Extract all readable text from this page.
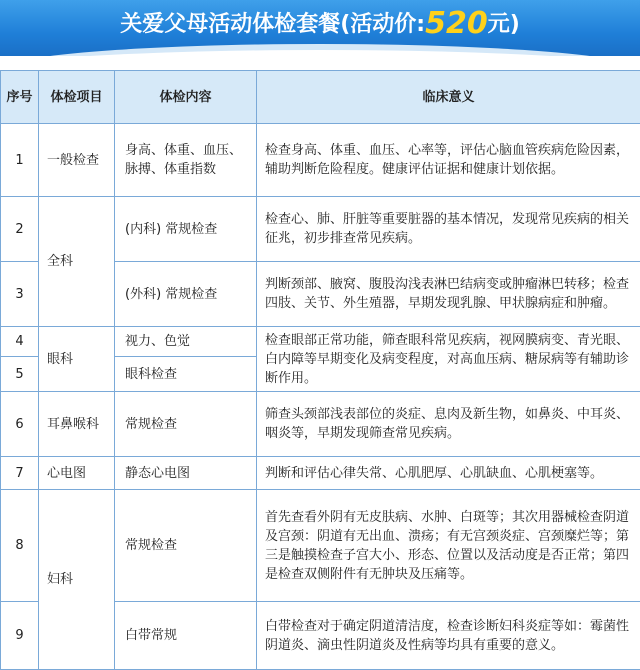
关爱父母活动体检套餐(活动价:520元)
序号	体检项目	体检内容	临床意义
1	一般检查	身高、体重、血压、脉搏、体重指数	检查身高、体重、血压、心率等，评估心脑血管疾病危险因素，辅助判断危险程度。健康评估证据和健康计划依据。
2	全科	(内科) 常规检查	检查心、肺、肝脏等重要脏器的基本情况，发现常见疾病的相关征兆，初步排查常见疾病。
3		(外科) 常规检查	判断颈部、腋窝、腹股沟浅表淋巴结病变或肿瘤淋巴转移；检查四肢、关节、外生殖器，早期发现乳腺、甲状腺病症和肿瘤。
4	眼科	视力、色觉	检查眼部正常功能，筛查眼科常见疾病，视网膜病变、青光眼、白内障等早期变化及病变程度，对高血压病、糖尿病等有辅助诊断作用。
5		眼科检查	
6	耳鼻喉科	常规检查	筛查头颈部浅表部位的炎症、息肉及新生物，如鼻炎、中耳炎、咽炎等，早期发现筛查常见疾病。
7	心电图	静态心电图	判断和评估心律失常、心肌肥厚、心肌缺血、心肌梗塞等。
8	妇科	常规检查	首先查看外阴有无皮肤病、水肿、白斑等；其次用器械检查阴道及宫颈：阴道有无出血、溃疡；有无宫颈炎症、宫颈糜烂等；第三是触摸检查子宫大小、形态、位置以及活动度是否正常；第四是检查双侧附件有无肿块及压痛等。
9		白带常规	白带检查对于确定阴道清洁度，检查诊断妇科炎症等如：霉菌性阴道炎、滴虫性阴道炎及性病等均具有重要的意义。
